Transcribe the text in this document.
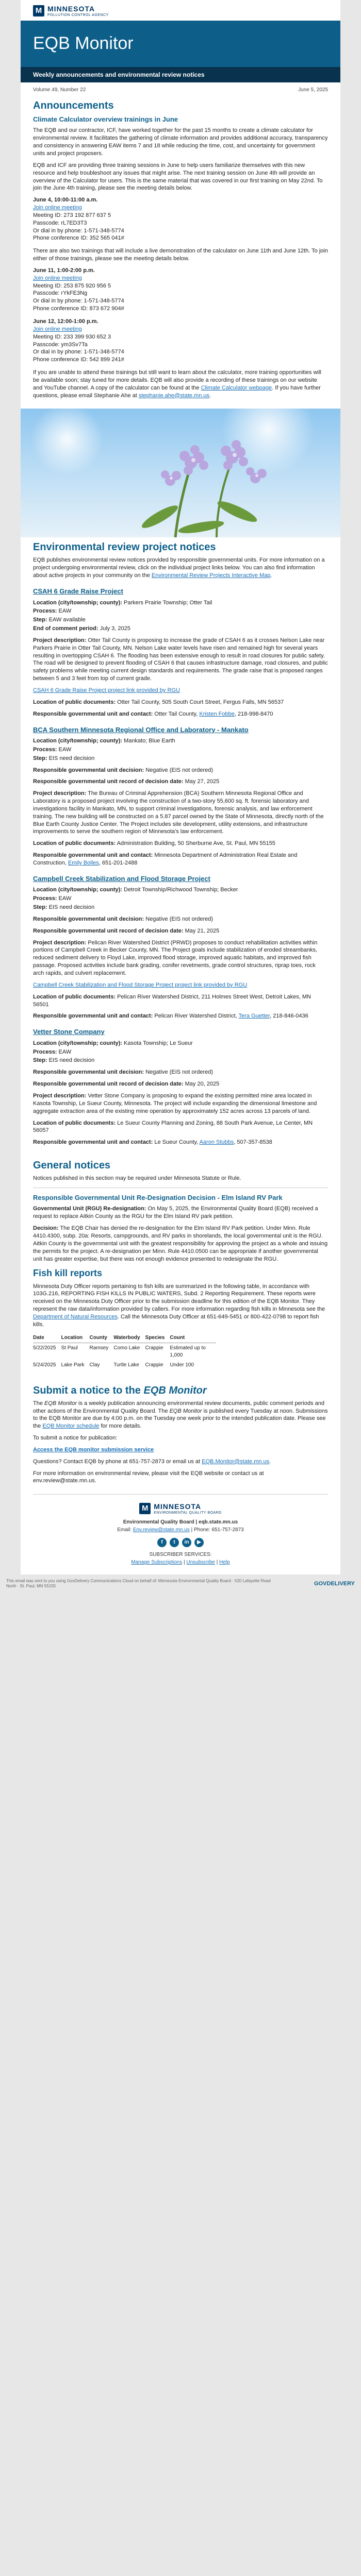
M MINNESOTA
POLLUTION CONTROL AGENCY
EQB Monitor
Weekly announcements and environmental review notices
Volume 49, Number 22	June 5, 2025
Announcements
Climate Calculator overview trainings in June

The EQB and our contractor, ICF, have worked together for the past 15 months to create a climate calculator for environmental review. It facilitates the gathering of climate information and provides additional accuracy, transparency and consistency in answering EAW items 7 and 18 while reducing the time, cost, and uncertainty for government units and project proposers.

EQB and ICF are providing three training sessions in June to help users familiarize themselves with this new resource and help troubleshoot any issues that might arise. The next training session on June 4th will provide an overview of the Calculator for users. This is the same material that was covered in our first training on May 22nd. To join the June 4th training, please see the meeting details below.

June 4, 10:00-11:00 a.m.

Join online meeting

Meeting ID: 273 192 877 637 5

Passcode: rL7ED3T3

Or dial in by phone: 1-571-348-5774

Phone conference ID: 352 565 041#

There are also two trainings that will include a live demonstration of the calculator on June 11th and June 12th. To join either of those trainings, please see the meeting details below.

June 11, 1:00-2:00 p.m.

Join online meeting

Meeting ID: 253 875 920 956 5

Passcode: rYkFE3Ng

Or dial in by phone: 1-571-348-5774

Phone conference ID: 873 672 904#

June 12, 12:00-1:00 p.m.

Join online meeting

Meeting ID: 233 399 930 652 3

Passcode: ym3Sv7Ta

Or dial in by phone: 1-571-348-5774

Phone conference ID: 542 899 241#

If you are unable to attend these trainings but still want to learn about the calculator, more training opportunities will be available soon; stay tuned for more details. EQB will also provide a recording of these trainings on our website and YouTube channel. A copy of the calculator can be found at the Climate Calculator webpage. If you have further questions, please email Stephanie Ahe at stephanie.ahe@state.mn.us.

Environmental review project notices

EQB publishes environmental review notices provided by responsible governmental units. For more information on a project undergoing environmental review, click on the individual project links below. You can also find information about active projects in your community on the Environmental Review Projects Interactive Map.

CSAH 6 Grade Raise Project

Location (city/township; county): Parkers Prairie Township; Otter Tail

Process: EAW

Step: EAW available

End of comment period: July 3, 2025

Project description: Otter Tail County is proposing to increase the grade of CSAH 6 as it crosses Nelson Lake near Parkers Prairie in Otter Tail County, MN. Nelson Lake water levels have risen and remained high for several years resulting in overtopping CSAH 6. The flooding has been extensive enough to result in road closures for public safety. The road will be designed to prevent flooding of CSAH 6 that causes infrastructure damage, road closures, and public safety problems while meeting current design standards and requirements. The grade raise that is proposed ranges between 5 and 3 feet from top of current grade.

CSAH 6 Grade Raise Project project link provided by RGU

Location of public documents: Otter Tail County, 505 South Court Street, Fergus Falls, MN 56537

Responsible governmental unit and contact: Otter Tail County, Kristen Fobbe, 218-998-8470

BCA Southern Minnesota Regional Office and Laboratory - Mankato

Location (city/township; county): Mankato; Blue Earth

Process: EAW

Step: EIS need decision

Responsible governmental unit decision: Negative (EIS not ordered)

Responsible governmental unit record of decision date: May 27, 2025

Project description: The Bureau of Criminal Apprehension (BCA) Southern Minnesota Regional Office and Laboratory is a proposed project involving the construction of a two-story 55,600 sq. ft. forensic laboratory and investigations facility in Mankato, MN, to support criminal investigations, forensic analysis, and law enforcement training. The new building will be constructed on a 5.87 parcel owned by the State of Minnesota, directly north of the Blue Earth County Justice Center. The Project includes site development, utility extensions, and infrastructure improvements to serve the southern region of Minnesota's law enforcement.

Location of public documents: Administration Building, 50 Sherburne Ave, St. Paul, MN 55155

Responsible governmental unit and contact: Minnesota Department of Administration Real Estate and Construction, Emily Bolles, 651-201-2488

Campbell Creek Stabilization and Flood Storage Project

Location (city/township; county): Detroit Township/Richwood Township; Becker

Process: EAW

Step: EIS need decision

Responsible governmental unit decision: Negative (EIS not ordered)

Responsible governmental unit record of decision date: May 21, 2025

Project description: Pelican River Watershed District (PRWD) proposes to conduct rehabilitation activities within portions of Campbell Creek in Becker County, MN. The Project goals include stabilization of eroded streambanks, reduced sediment delivery to Floyd Lake, improved flood storage, improved aquatic habitats, and improved fish passage. Proposed activities include bank grading, conifer revetments, grade control structures, riprap toes, rock arch rapids, and culvert replacement.

Campbell Creek Stabilization and Flood Storage Project project link provided by RGU

Location of public documents: Pelican River Watershed District, 211 Holmes Street West, Detroit Lakes, MN 56501

Responsible governmental unit and contact: Pelican River Watershed District, Tera Guetter, 218-846-0436

Vetter Stone Company

Location (city/township; county): Kasota Township; Le Sueur

Process: EAW

Step: EIS need decision

Responsible governmental unit decision: Negative (EIS not ordered)

Responsible governmental unit record of decision date: May 20, 2025

Project description: Vetter Stone Company is proposing to expand the existing permitted mine area located in Kasota Township, Le Sueur County, Minnesota. The project will include expanding the dimensional limestone and aggregate extraction area of the existing mine operation by approximately 152 acres across 13 parcels of land.

Location of public documents: Le Sueur County Planning and Zoning, 88 South Park Avenue, Le Center, MN 56057

Responsible governmental unit and contact: Le Sueur County, Aaron Stubbs, 507-357-8538

General notices

Notices published in this section may be required under Minnesota Statute or Rule.

Responsible Governmental Unit Re-Designation Decision - Elm Island RV Park

Governmental Unit (RGU) Re-designation: On May 5, 2025, the Environmental Quality Board (EQB) received a request to replace Aitkin County as the RGU for the Elm Island RV park petition.

Decision: The EQB Chair has denied the re-designation for the Elm Island RV Park petition. Under Minn. Rule 4410.4300, subp. 20a: Resorts, campgrounds, and RV parks in shorelands, the local governmental unit is the RGU. Aitkin County is the governmental unit with the greatest responsibility for approving the project as a whole and issuing the permits for the project. A re-designation per Minn. Rule 4410.0500 can be appropriate if another governmental unit has greater expertise, but there was not enough evidence presented to redesignate the RGU.

Fish kill reports

Minnesota Duty Officer reports pertaining to fish kills are summarized in the following table, in accordance with 103G.216, REPORTING FISH KILLS IN PUBLIC WATERS, Subd. 2 Reporting Requirement. These reports were received on the Minnesota Duty Officer prior to the submission deadline for this edition of the EQB Monitor. They represent the raw data/information provided by callers. For more information regarding fish kills in Minnesota see the Department of Natural Resources. Call the Minnesota Duty Officer at 651-649-5451 or 800-422-0798 to report fish kills.

Date	Location	County	Waterbody	Species	Count
5/22/2025	St Paul	Ramsey	Como Lake	Crappie	Estimated up to 1,000
5/24/2025	Lake Park	Clay	Turtle Lake	Crappie	Under 100
Submit a notice to the EQB Monitor

The EQB Monitor is a weekly publication announcing environmental review documents, public comment periods and other actions of the Environmental Quality Board. The EQB Monitor is published every Tuesday at noon. Submissions to the EQB Monitor are due by 4:00 p.m. on the Tuesday one week prior to the intended publication date. Please see the EQB Monitor schedule for more details.

To submit a notice for publication:

Access the EQB monitor submission service

Questions? Contact EQB by phone at 651-757-2873 or email us at EQB.Monitor@state.mn.us.

For more information on environmental review, please visit the EQB website or contact us at env.review@state.mn.us.

M MINNESOTA
ENVIRONMENTAL QUALITY BOARD

Environmental Quality Board | eqb.state.mn.us

Email: Env.review@state.mn.us | Phone: 651-757-2873

f	t	in	▶

SUBSCRIBER SERVICES:

Manage Subscriptions | Unsubscribe | Help

This email was sent to you using GovDelivery Communications Cloud on behalf of: Minnesota Environmental Quality Board · 520 Lafayette Road North · St. Paul, MN 55155	GOVDELIVERY
